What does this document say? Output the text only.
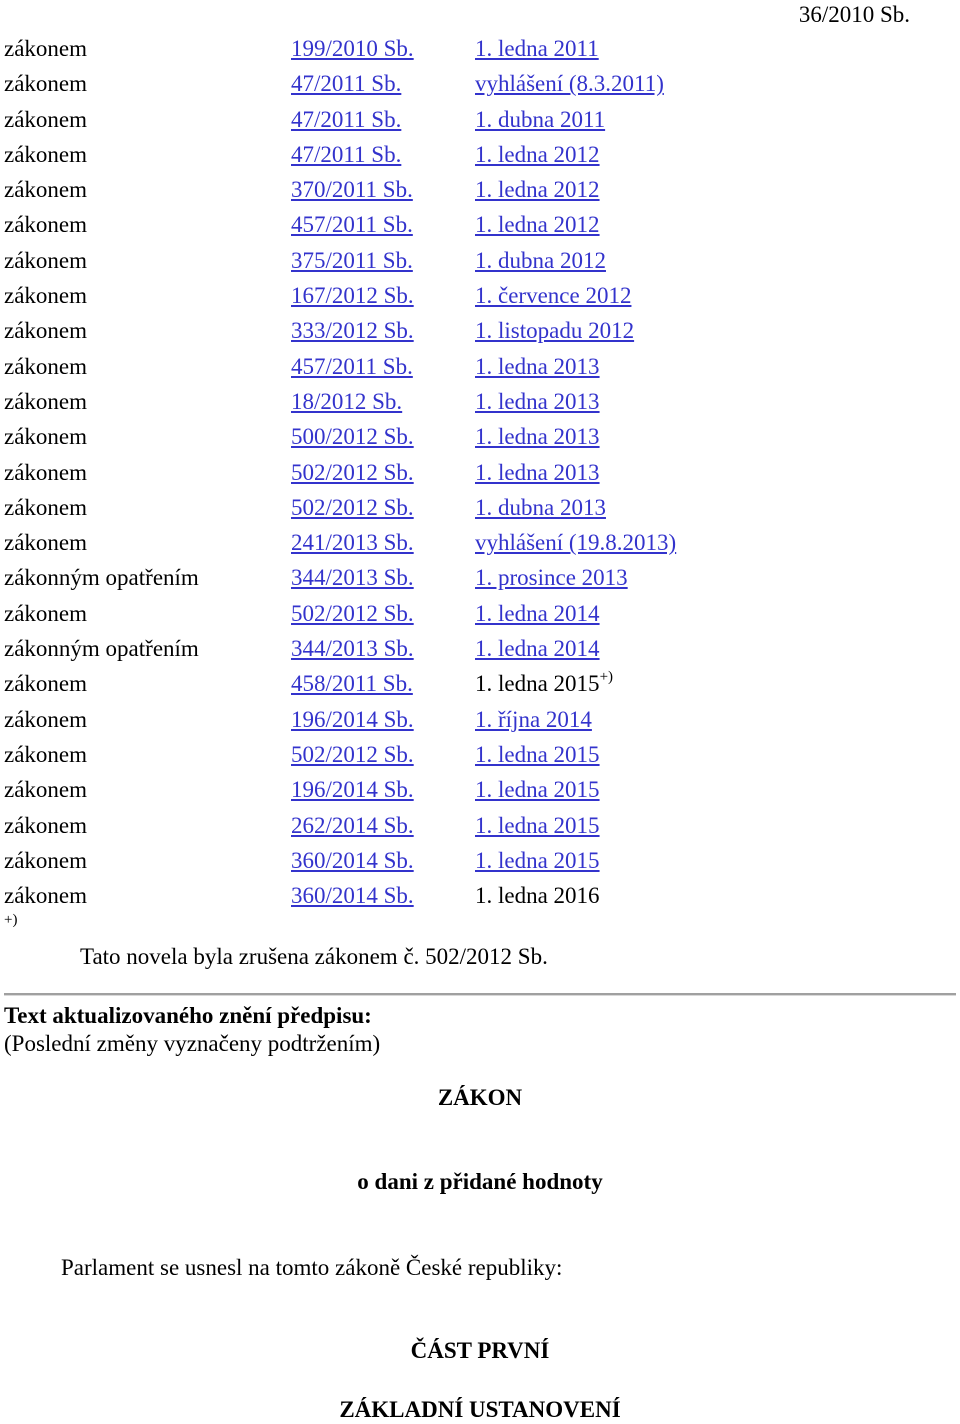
36/2010 Sb.
zákonem	199/2010 Sb.	1. ledna 2011
zákonem	47/2011 Sb.	vyhlášení (8.3.2011)
zákonem	47/2011 Sb.	1. dubna 2011
zákonem	47/2011 Sb.	1. ledna 2012
zákonem	370/2011 Sb.	1. ledna 2012
zákonem	457/2011 Sb.	1. ledna 2012
zákonem	375/2011 Sb.	1. dubna 2012
zákonem	167/2012 Sb.	1. července 2012
zákonem	333/2012 Sb.	1. listopadu 2012
zákonem	457/2011 Sb.	1. ledna 2013
zákonem	18/2012 Sb.	1. ledna 2013
zákonem	500/2012 Sb.	1. ledna 2013
zákonem	502/2012 Sb.	1. ledna 2013
zákonem	502/2012 Sb.	1. dubna 2013
zákonem	241/2013 Sb.	vyhlášení (19.8.2013)
zákonným opatřením	344/2013 Sb.	1. prosince 2013
zákonem	502/2012 Sb.	1. ledna 2014
zákonným opatřením	344/2013 Sb.	1. ledna 2014
zákonem	458/2011 Sb.	1. ledna 2015+)
zákonem	196/2014 Sb.	1. října 2014
zákonem	502/2012 Sb.	1. ledna 2015
zákonem	196/2014 Sb.	1. ledna 2015
zákonem	262/2014 Sb.	1. ledna 2015
zákonem	360/2014 Sb.	1. ledna 2015
zákonem	360/2014 Sb.	1. ledna 2016
+)
Tato novela byla zrušena zákonem č. 502/2012 Sb.
Text aktualizovaného znění předpisu:
(Poslední změny vyznačeny podtržením)
ZÁKON
o dani z přidané hodnoty
Parlament se usnesl na tomto zákoně České republiky:
ČÁST PRVNÍ
ZÁKLADNÍ USTANOVENÍ
